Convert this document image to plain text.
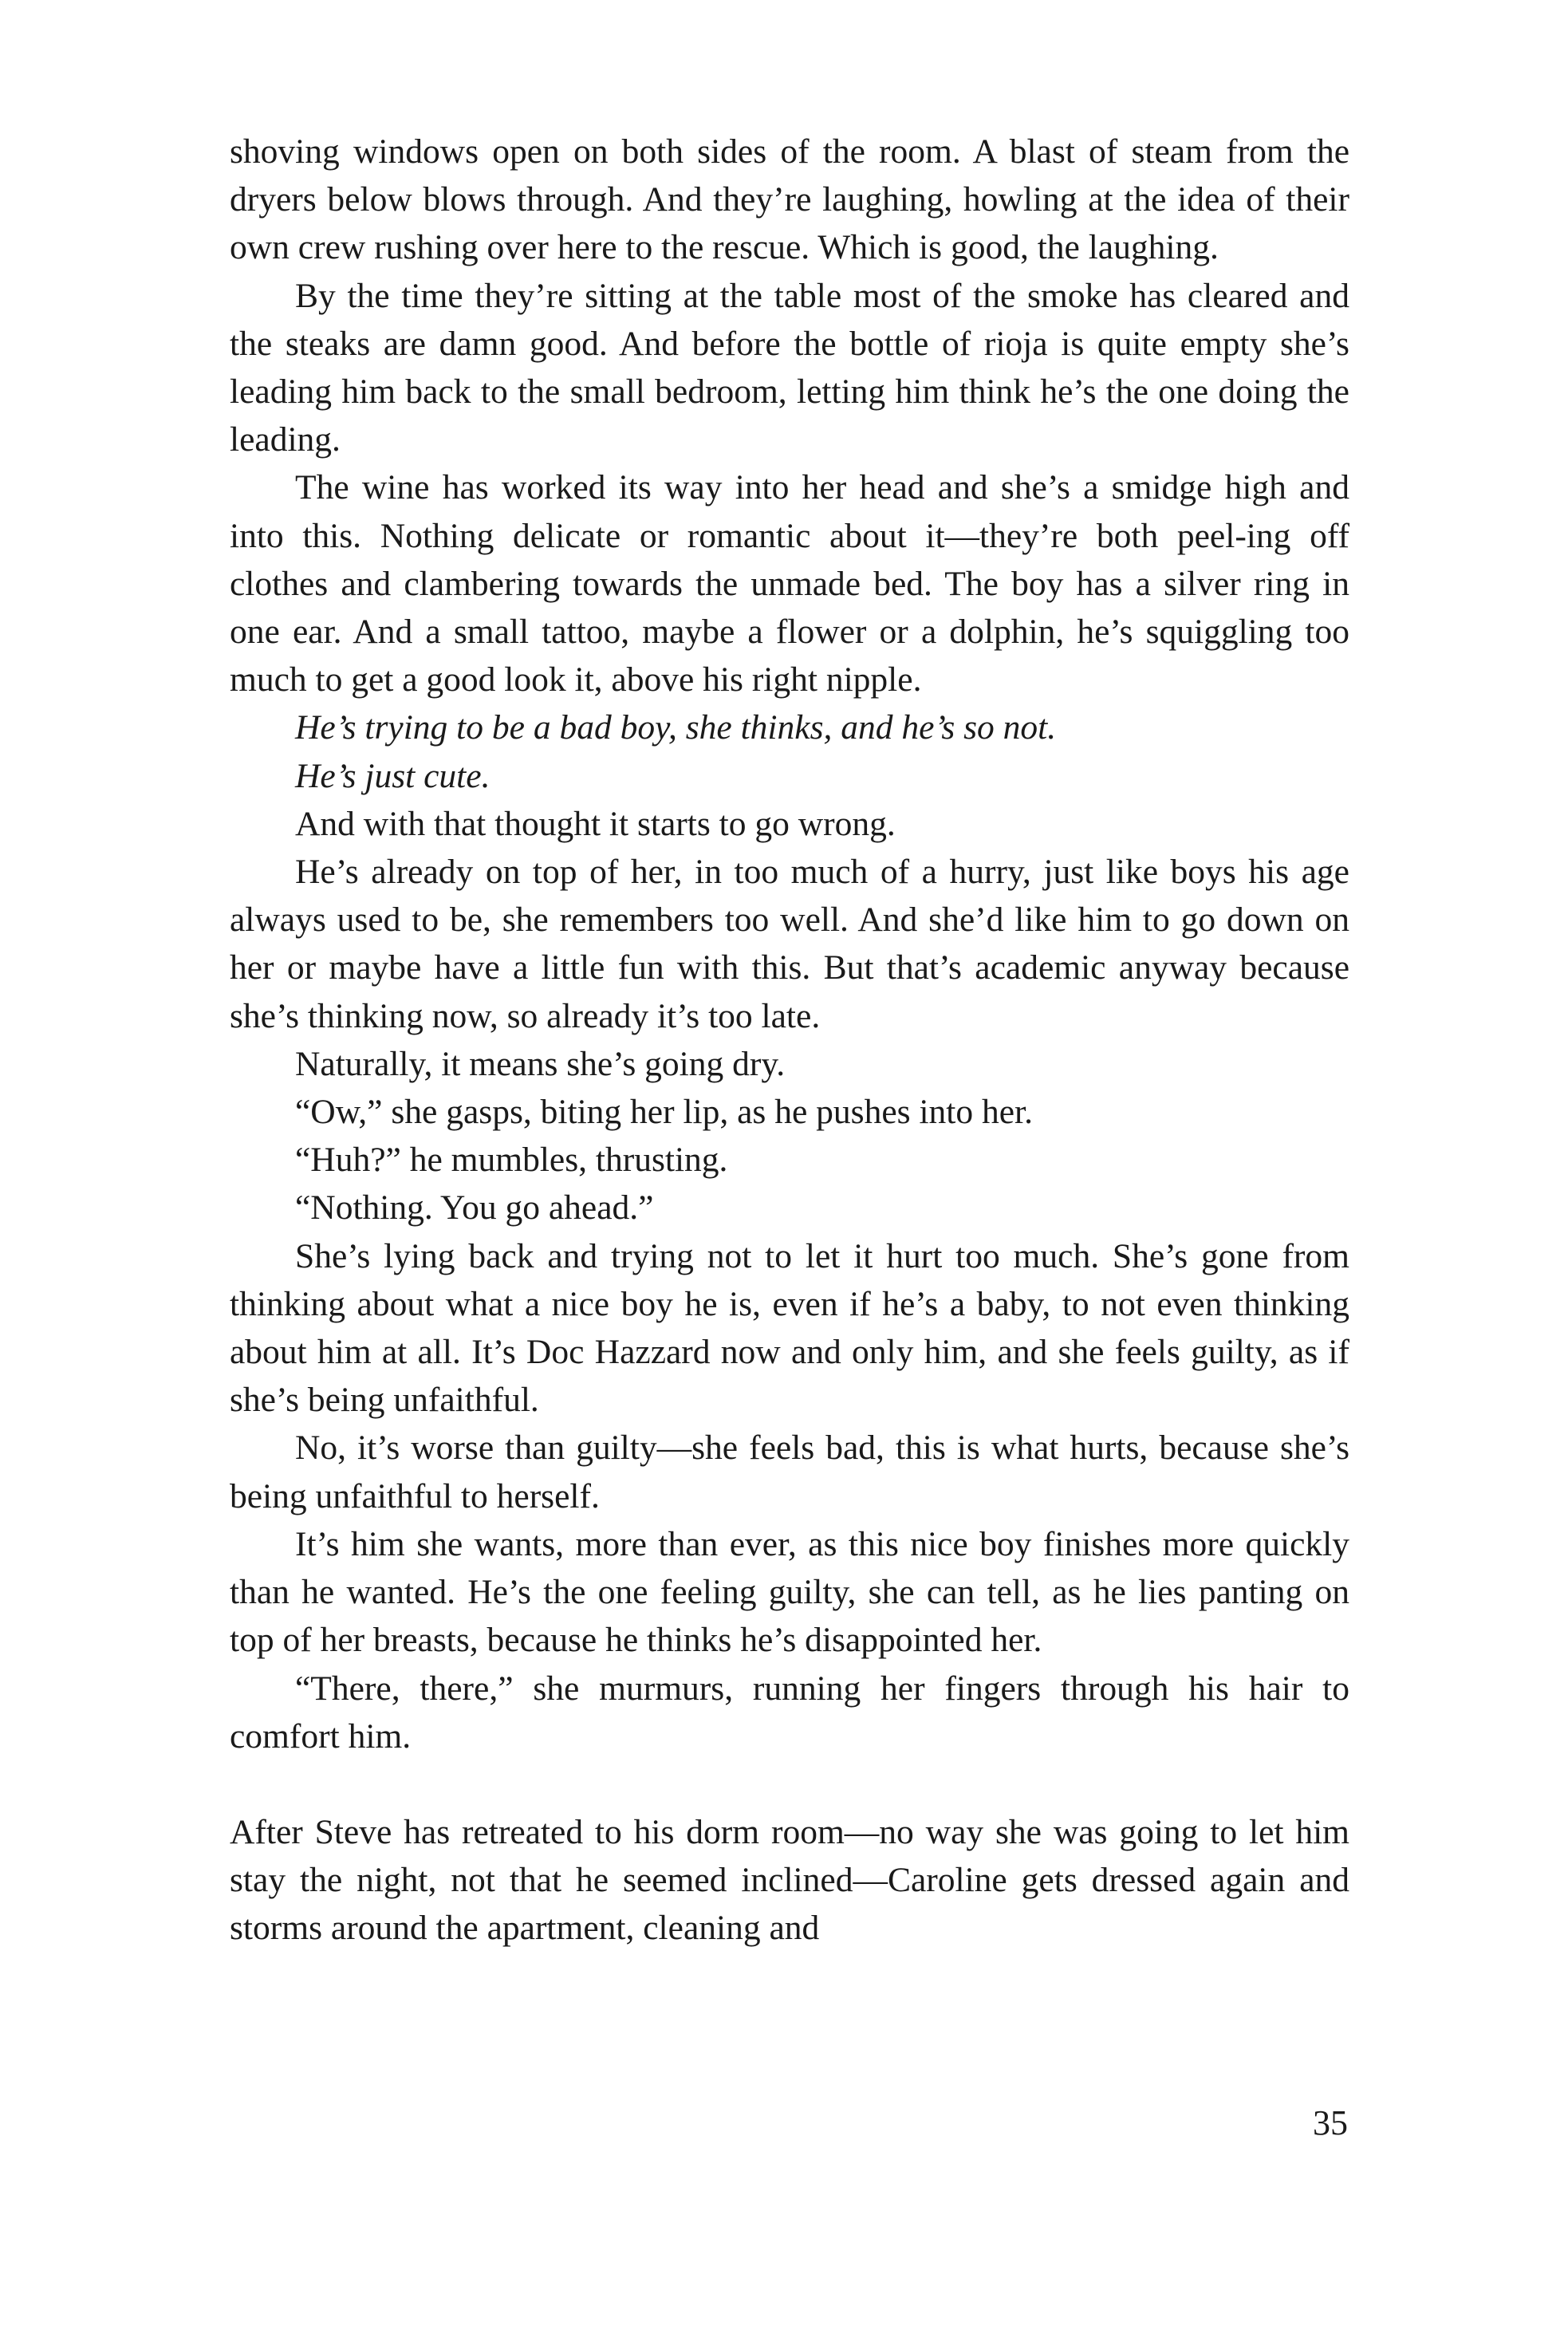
shoving windows open on both sides of the room. A blast of steam from the dryers below blows through. And they’re laughing, howling at the idea of their own crew rushing over here to the rescue. Which is good, the laughing.

By the time they’re sitting at the table most of the smoke has cleared and the steaks are damn good. And before the bottle of rioja is quite empty she’s leading him back to the small bedroom, letting him think he’s the one doing the leading.

The wine has worked its way into her head and she’s a smidge high and into this. Nothing delicate or romantic about it—they’re both peel-ing off clothes and clambering towards the unmade bed. The boy has a silver ring in one ear. And a small tattoo, maybe a flower or a dolphin, he’s squiggling too much to get a good look it, above his right nipple.

He’s trying to be a bad boy, she thinks, and he’s so not.

He’s just cute.

And with that thought it starts to go wrong.

He’s already on top of her, in too much of a hurry, just like boys his age always used to be, she remembers too well. And she’d like him to go down on her or maybe have a little fun with this. But that’s academic anyway because she’s thinking now, so already it’s too late.

Naturally, it means she’s going dry.

“Ow,” she gasps, biting her lip, as he pushes into her.

“Huh?” he mumbles, thrusting.

“Nothing. You go ahead.”

She’s lying back and trying not to let it hurt too much. She’s gone from thinking about what a nice boy he is, even if he’s a baby, to not even thinking about him at all. It’s Doc Hazzard now and only him, and she feels guilty, as if she’s being unfaithful.

No, it’s worse than guilty—she feels bad, this is what hurts, because she’s being unfaithful to herself.

It’s him she wants, more than ever, as this nice boy finishes more quickly than he wanted. He’s the one feeling guilty, she can tell, as he lies panting on top of her breasts, because he thinks he’s disappointed her.

“There, there,” she murmurs, running her fingers through his hair to comfort him.

After Steve has retreated to his dorm room—no way she was going to let him stay the night, not that he seemed inclined—Caroline gets dressed again and storms around the apartment, cleaning and

35
